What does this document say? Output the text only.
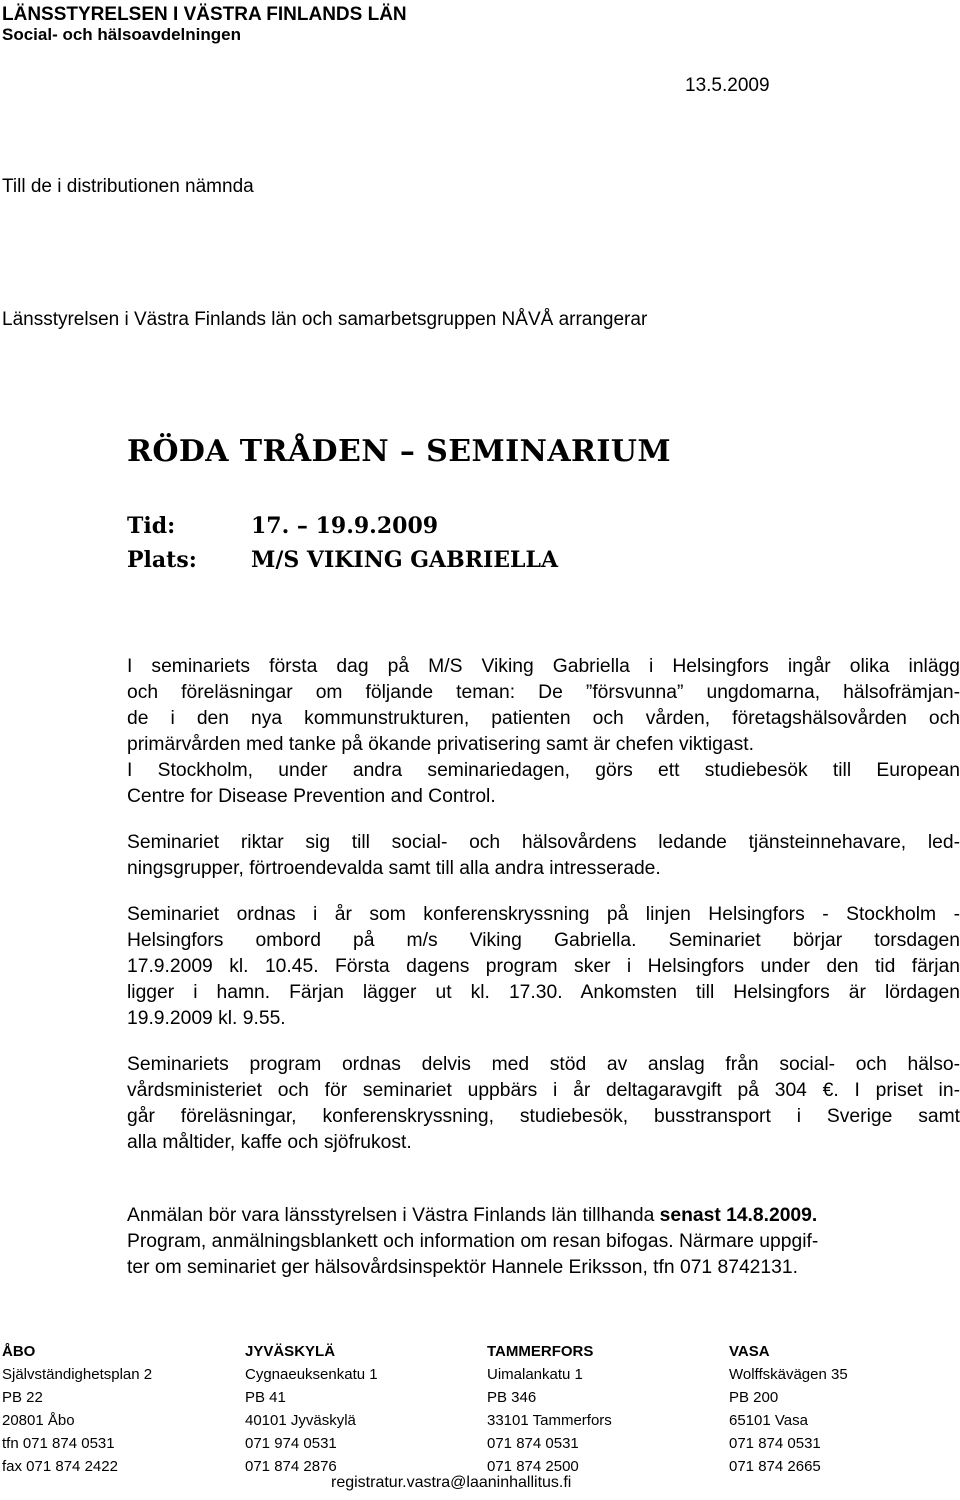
LÄNSSTYRELSEN I VÄSTRA FINLANDS LÄN
Social- och hälsoavdelningen
13.5.2009
Till de i distributionen nämnda
Länsstyrelsen i Västra Finlands län och samarbetsgruppen NÅVÅ arrangerar
RÖDA TRÅDEN – SEMINARIUM
Tid:	17. – 19.9.2009
Plats: M/S VIKING GABRIELLA
I seminariets första dag på M/S Viking Gabriella i Helsingfors ingår olika inlägg
och föreläsningar om följande teman: De ”försvunna” ungdomarna, hälsofrämjan-
de i den nya kommunstrukturen, patienten och vården, företagshälsovården och
primärvården med tanke på ökande privatisering samt är chefen viktigast.
I Stockholm, under andra seminariedagen, görs ett studiebesök till European
Centre for Disease Prevention and Control.
Seminariet riktar sig till social- och hälsovårdens ledande tjänsteinnehavare, led-
ningsgrupper, förtroendevalda samt till alla andra intresserade.
Seminariet ordnas i år som konferenskryssning på linjen Helsingfors - Stockholm -
Helsingfors ombord på m/s Viking Gabriella. Seminariet börjar torsdagen
17.9.2009 kl. 10.45. Första dagens program sker i Helsingfors under den tid färjan
ligger i hamn. Färjan lägger ut kl. 17.30. Ankomsten till Helsingfors är lördagen
19.9.2009 kl. 9.55.
Seminariets program ordnas delvis med stöd av anslag från social- och hälso-
vårdsministeriet och för seminariet uppbärs i år deltagaravgift på 304 €. I priset in-
går föreläsningar, konferenskryssning, studiebesök, busstransport i Sverige samt
alla måltider, kaffe och sjöfrukost.
Anmälan bör vara länsstyrelsen i Västra Finlands län tillhanda senast 14.8.2009.
Program, anmälningsblankett och information om resan bifogas. Närmare uppgif-
ter om seminariet ger hälsovårdsinspektör Hannele Eriksson, tfn 071 8742131.
ÅBO
Självständighetsplan 2
PB 22
20801 Åbo
tfn 071 874 0531
fax 071 874 2422
JYVÄSKYLÄ
Cygnaeuksenkatu 1
PB 41
40101 Jyväskylä
071 974 0531
071 874 2876
TAMMERFORS
Uimalankatu 1
PB 346
33101 Tammerfors
071 874 0531
071 874 2500
VASA
Wolffskävägen 35
PB 200
65101 Vasa
071 874 0531
071 874 2665
registratur.vastra@laaninhallitus.fi
